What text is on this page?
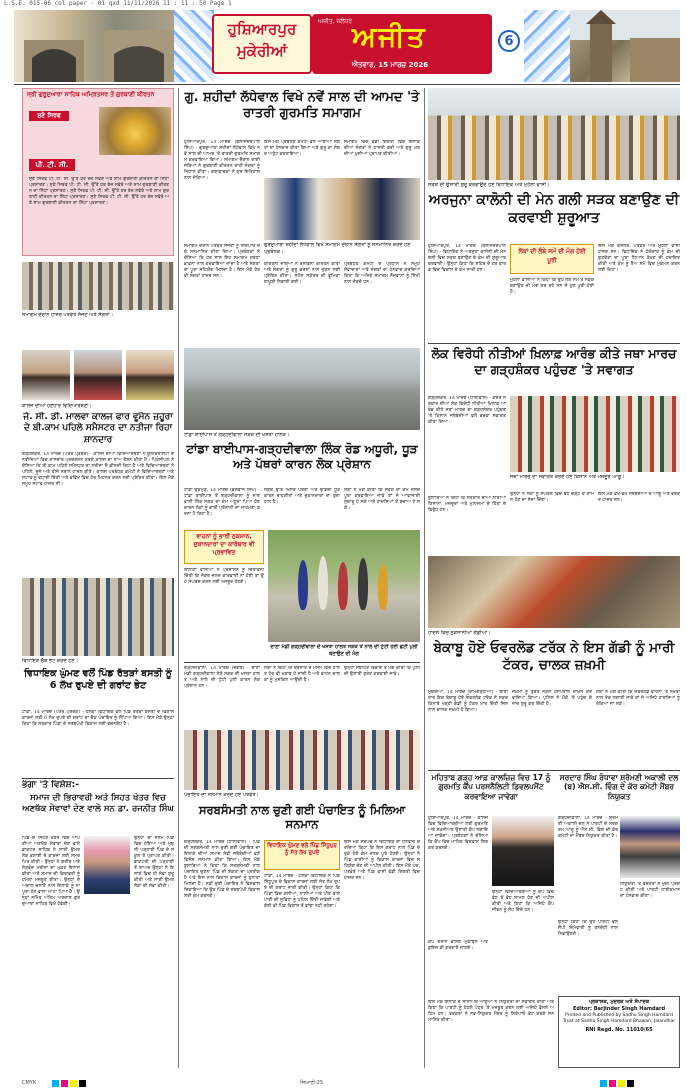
L.S.E. 015-06 col paper - 01 qxd 11/11/2026 11 : 11 : 50 Page 1
ਹੁਸ਼ਿਆਰਪੁਰ
ਮੁਕੇਰੀਆਂ
ਅਜੀਤ, ਜਲੰਧਰ ਅਜੀਤ
ਐਤਵਾਰ, 15 ਮਾਰਚ 2026
6
ਸ੍ਰੀ ਗੁਰੂਦੁਆਰਾ ਸਾਹਿਬ ਅਮ੍ਰਿਤਸਰ ਤੋਂ ਗੁਰਬਾਣੀ ਕੀਰਤਨ
ਸੁਣੋ ਸਿਰਫ
ਪੀ. ਟੀ. ਸੀ.
ਸੁਣੋ ਸਿਰਫ ਪੀ. ਟੀ. ਸੀ. ਉੱਤੇ ਹਰ ਰੋਜ਼ ਸਵੇਰੇ ਅਤੇ ਸ਼ਾਮ ਗੁਰਬਾਣੀ ਕੀਰਤਨ ਦਾ ਸਿੱਧਾ ਪ੍ਰਸਾਰਣ। ਸੁਣੋ ਸਿਰਫ ਪੀ. ਟੀ. ਸੀ. ਉੱਤੇ ਹਰ ਰੋਜ਼ ਸਵੇਰੇ ਅਤੇ ਸ਼ਾਮ ਗੁਰਬਾਣੀ ਕੀਰਤਨ ਦਾ ਸਿੱਧਾ ਪ੍ਰਸਾਰਣ। ਸੁਣੋ ਸਿਰਫ ਪੀ. ਟੀ. ਸੀ. ਉੱਤੇ ਹਰ ਰੋਜ਼ ਸਵੇਰੇ ਅਤੇ ਸ਼ਾਮ ਗੁਰਬਾਣੀ ਕੀਰਤਨ ਦਾ ਸਿੱਧਾ ਪ੍ਰਸਾਰਣ। ਸੁਣੋ ਸਿਰਫ ਪੀ. ਟੀ. ਸੀ. ਉੱਤੇ ਹਰ ਰੋਜ਼ ਸਵੇਰੇ ਅਤੇ ਸ਼ਾਮ ਗੁਰਬਾਣੀ ਕੀਰਤਨ ਦਾ ਸਿੱਧਾ ਪ੍ਰਸਾਰਣ।
ਸਮਾਗਮ ਦੌਰਾਨ ਹਾਜ਼ਰ ਪਤਵੰਤੇ ਸੱਜਣ ਅਤੇ ਸੰਗਤਾਂ।
ਕਾਲਜ ਦੀਆਂ ਹੋਣਹਾਰ ਵਿਦਿਆਰਥਣਾਂ।
ਜੇ. ਸੀ. ਡੀ. ਮਾਲਵਾ ਕਾਲਜ ਫਾਰ ਵੂਮੈਨ ਜ਼ਹੂਰਾ ਦੇ ਬੀ.ਕਾਮ ਪਹਿਲੇ ਸਮੈਸਟਰ ਦਾ ਨਤੀਜਾ ਰਿਹਾ ਸ਼ਾਨਦਾਰ
ਗੜ੍ਹਸ਼ੰਕਰ, 14 ਮਾਰਚ (ਪੱਤਰ ਪ੍ਰੇਰਕ) - ਕਾਲਜ ਦੀਆਂ ਵਿਦਿਆਰਥਣਾਂ ਨੇ ਯੂਨੀਵਰਸਿਟੀ ਦੇ ਨਤੀਜਿਆਂ ਵਿਚ ਸ਼ਾਨਦਾਰ ਪ੍ਰਦਰਸ਼ਨ ਕਰਕੇ ਕਾਲਜ ਦਾ ਨਾਂਅ ਰੌਸ਼ਨ ਕੀਤਾ ਹੈ। ਪ੍ਰਿੰਸੀਪਲ ਨੇ ਦੱਸਿਆ ਕਿ ਬੀ.ਕਾਮ ਪਹਿਲੇ ਸਮੈਸਟਰ ਦਾ ਨਤੀਜਾ ਸੌ ਫ਼ੀਸਦੀ ਰਿਹਾ ਹੈ ਅਤੇ ਵਿਦਿਆਰਥਣਾਂ ਨੇ ਪਹਿਲੇ, ਦੂਜੇ ਅਤੇ ਤੀਜੇ ਸਥਾਨ ਹਾਸਲ ਕੀਤੇ। ਕਾਲਜ ਪ੍ਰਬੰਧਕ ਕਮੇਟੀ ਨੇ ਵਿਦਿਆਰਥਣਾਂ ਅਤੇ ਸਟਾਫ ਨੂੰ ਵਧਾਈ ਦਿੱਤੀ ਅਤੇ ਭਵਿੱਖ ਵਿਚ ਹੋਰ ਮਿਹਨਤ ਕਰਨ ਲਈ ਪ੍ਰੇਰਿਤ ਕੀਤਾ। ਇਸ ਮੌਕੇ ਸਮੂਹ ਸਟਾਫ ਹਾਜ਼ਰ ਸੀ।
ਵਿਧਾਇਕ ਚੈੱਕ ਭੇਟ ਕਰਦੇ ਹੋਏ।
ਵਿਧਾਇਕ ਘੁੰਮਣ ਵਲੋਂ ਪਿੰਡ ਰੱਤੜਾਂ ਬਸਤੀ ਨੂੰ 6 ਲੱਖ ਰੁਪਏ ਦੀ ਗਰਾਂਟ ਭੇਟ
ਟਾਂਡਾ, 14 ਮਾਰਚ (ਪੱਤਰ ਪ੍ਰੇਰਕ) - ਹਲਕਾ ਵਿਧਾਇਕ ਵਲੋਂ ਪਿੰਡ ਰੱਤੜਾਂ ਬਸਤੀ ਦੇ ਵਿਕਾਸ ਕਾਰਜਾਂ ਲਈ 6 ਲੱਖ ਰੁਪਏ ਦੀ ਗਰਾਂਟ ਦਾ ਚੈੱਕ ਪੰਚਾਇਤ ਨੂੰ ਸੌਂਪਿਆ ਗਿਆ। ਇਸ ਮੌਕੇ ਉਨ੍ਹਾਂ ਕਿਹਾ ਕਿ ਸਰਕਾਰ ਪਿੰਡਾਂ ਦੇ ਸਰਬਪੱਖੀ ਵਿਕਾਸ ਲਈ ਵਚਨਬੱਧ ਹੈ।
ਭੰਗਾ 'ਤੇ ਵਿਸ਼ੇਸ਼:-
ਸਮਾਜ ਦੀ ਭਿਰਾਵਰੀ ਅਤੇ ਸਿਹਤ ਖੇਤਰ ਵਿਚ ਅਣਥੱਕ ਸੇਵਾਵਾਂ ਦੇਣ ਵਾਲੇ ਸਨ ਡਾ. ਰਜਨੀਤ ਸਿੰਘ
ਪਿੰਡ ਦੇ ਸਿਹਤ ਖੇਤਰ ਵਿਚ ਆਪਣੀਆਂ ਅਣਥੱਕ ਸੇਵਾਵਾਂ ਦੇਣ ਵਾਲੇ ਡਾਕਟਰ ਸਾਹਿਬ ਨੇ ਸਾਰੀ ਉਮਰ ਲੋਕ ਭਲਾਈ ਦੇ ਕਾਰਜਾਂ ਲਈ ਸਮਰਪਿਤ ਕੀਤੀ। ਉਨ੍ਹਾਂ ਨੇ ਗਰੀਬ ਅਤੇ ਲੋੜਵੰਦ ਮਰੀਜ਼ਾਂ ਦਾ ਮੁਫ਼ਤ ਇਲਾਜ ਕੀਤਾ ਅਤੇ ਸਮਾਜ ਦੀ ਭਿਰਾਵਰੀ ਨੂੰ ਹਮੇਸ਼ਾ ਮਜ਼ਬੂਤ ਕੀਤਾ। ਉਨ੍ਹਾਂ ਦੇ ਅਕਾਲ ਚਲਾਣੇ ਨਾਲ ਇਲਾਕੇ ਨੂੰ ਨਾ ਪੂਰਾ ਹੋਣ ਵਾਲਾ ਘਾਟਾ ਪਿਆ ਹੈ। ਉਨ੍ਹਾਂ ਨਮਿੱਤ ਅੰਤਿਮ ਅਰਦਾਸ ਗੁਰਦੁਆਰਾ ਸਾਹਿਬ ਵਿਖੇ ਹੋਵੇਗੀ।
ਉਨ੍ਹਾਂ ਦਾ ਜਨਮ ਪਿੰਡ ਵਿਚ ਹੋਇਆ ਅਤੇ ਮੁਢਲੀ ਪੜ੍ਹਾਈ ਪਿੰਡ ਦੇ ਸਕੂਲ ਤੋਂ ਪ੍ਰਾਪਤ ਕੀਤੀ। ਡਾਕਟਰੀ ਦੀ ਪੜ੍ਹਾਈ ਤੋਂ ਬਾਅਦ ਉਨ੍ਹਾਂ ਨੇ ਇਲਾਕੇ ਵਿਚ ਹੀ ਸੇਵਾ ਸ਼ੁਰੂ ਕੀਤੀ ਅਤੇ ਸਾਰੀ ਉਮਰ ਲੋਕਾਂ ਦੀ ਸੇਵਾ ਕੀਤੀ।
ਗੁ. ਸ਼ਹੀਦਾਂ ਲੱਧੇਵਾਲ ਵਿਖੇ ਨਵੇਂ ਸਾਲ ਦੀ ਆਮਦ 'ਤੇ ਰਾਤਰੀ ਗੁਰਮਤਿ ਸਮਾਗਮ
ਹੁਸ਼ਿਆਰਪੁਰ, 14 ਮਾਰਚ (ਬਲਜਿੰਦਰਪਾਲ ਸਿੰਘ) - ਗੁਰਦੁਆਰਾ ਸ਼ਹੀਦਾਂ ਲੱਧੇਵਾਲ ਵਿਖੇ ਨਵੇਂ ਸਾਲ ਦੀ ਆਮਦ 'ਤੇ ਰਾਤਰੀ ਗੁਰਮਤਿ ਸਮਾਗਮ ਕਰਵਾਇਆ ਗਿਆ। ਸਮਾਗਮ ਦੌਰਾਨ ਰਾਗੀ ਜਥਿਆਂ ਨੇ ਗੁਰਬਾਣੀ ਕੀਰਤਨ ਰਾਹੀਂ ਸੰਗਤਾਂ ਨੂੰ ਨਿਹਾਲ ਕੀਤਾ। ਕਥਾਵਾਚਕਾਂ ਨੇ ਗੁਰ ਇਤਿਹਾਸ ਨਾਲ ਜੋੜਿਆ।
ਇਸ ਮੌਕੇ ਪ੍ਰਬੰਧਕ ਕਮੇਟੀ ਵਲੋਂ ਆਈਆਂ ਸੰਗਤਾਂ ਦਾ ਧੰਨਵਾਦ ਕੀਤਾ ਗਿਆ ਅਤੇ ਗੁਰੂ ਕਾ ਲੰਗਰ ਅਤੁੱਟ ਵਰਤਾਇਆ।
ਸਮਾਗਮ ਵਿਚ ਵੱਡੀ ਗਿਣਤੀ ਵਿਚ ਇਲਾਕੇ ਦੀਆਂ ਸੰਗਤਾਂ ਨੇ ਹਾਜ਼ਰੀ ਭਰੀ ਅਤੇ ਗੁਰੂ ਘਰ ਦੀਆਂ ਖੁਸ਼ੀਆਂ ਪ੍ਰਾਪਤ ਕੀਤੀਆਂ।
ਗੁਰਦੁਆਰਾ ਸ਼ਹੀਦਾਂ ਲੱਧੇਵਾਲ ਵਿਖੇ ਸਮਾਗਮ ਦੌਰਾਨ ਸੰਗਤਾਂ ਨੂੰ ਸਨਮਾਨਿਤ ਕਰਦੇ ਹੋਏ ਪ੍ਰਬੰਧਕ।
ਸਮਾਗਮ ਦੌਰਾਨ ਪਤਵੰਤੇ ਸੱਜਣਾਂ ਨੂੰ ਸਿਰੋਪਾਓ ਦੇ ਕੇ ਸਨਮਾਨਿਤ ਕੀਤਾ ਗਿਆ। ਪ੍ਰਬੰਧਕਾਂ ਨੇ ਦੱਸਿਆ ਕਿ ਹਰ ਸਾਲ ਇਹ ਸਮਾਗਮ ਸ਼ਰਧਾ ਭਾਵਨਾ ਨਾਲ ਕਰਵਾਇਆ ਜਾਂਦਾ ਹੈ ਅਤੇ ਸੰਗਤਾਂ ਦਾ ਪੂਰਾ ਸਹਿਯੋਗ ਮਿਲਦਾ ਹੈ। ਇਸ ਮੌਕੇ ਹੋਰ ਵੀ ਸੰਗਤਾਂ ਹਾਜ਼ਰ ਸਨ।
ਕੀਰਤਨੀ ਜਥਿਆਂ ਨੇ ਰਸਭਿੰਨਾ ਕੀਰਤਨ ਕੀਤਾ ਅਤੇ ਸੰਗਤਾਂ ਨੂੰ ਗੁਰੂ ਚਰਨਾਂ ਨਾਲ ਜੁੜਨ ਲਈ ਪ੍ਰੇਰਿਤ ਕੀਤਾ। ਸਟੇਜ ਸਕੱਤਰ ਦੀ ਭੂਮਿਕਾ ਬਾਖ਼ੂਬੀ ਨਿਭਾਈ ਗਈ।
ਪ੍ਰਬੰਧਕ ਕਮੇਟੀ ਦੇ ਪ੍ਰਧਾਨ ਨੇ ਸਮੂਹ ਸੇਵਾਦਾਰਾਂ ਅਤੇ ਸੰਗਤਾਂ ਦਾ ਧੰਨਵਾਦ ਕਰਦਿਆਂ ਕਿਹਾ ਕਿ ਅਜਿਹੇ ਸਮਾਗਮ ਨੌਜਵਾਨਾਂ ਨੂੰ ਸਿੱਖੀ ਨਾਲ ਜੋੜਦੇ ਹਨ।
ਟਾਂਡਾ ਬਾਈਪਾਸ ਤੋਂ ਗੜ੍ਹਦੀਵਾਲਾ ਸੜਕ ਦੀ ਖਸਤਾ ਹਾਲਤ।
ਟਾਂਡਾ ਬਾਈਪਾਸ-ਗੜ੍ਹਦੀਵਾਲਾ ਲਿੰਕ ਰੋਡ ਅਧੂਰੀ, ਧੂੜ ਅਤੇ ਪੱਥਰਾਂ ਕਾਰਨ ਲੋਕ ਪ੍ਰੇਸ਼ਾਨ
ਟਾਂਡਾ ਉੜਮੁੜ, 14 ਮਾਰਚ (ਭਗਵਾਨ ਸਿੰਘ) - ਟਾਂਡਾ ਬਾਈਪਾਸ ਤੋਂ ਗੜ੍ਹਦੀਵਾਲਾ ਨੂੰ ਜਾਣ ਵਾਲੀ ਲਿੰਕ ਸੜਕ ਦਾ ਕੰਮ ਅਧੂਰਾ ਪਿਆ ਹੋਣ ਕਾਰਨ ਲੋਕਾਂ ਨੂੰ ਭਾਰੀ ਪ੍ਰੇਸ਼ਾਨੀ ਦਾ ਸਾਹਮਣਾ ਕਰਨਾ ਪੈ ਰਿਹਾ ਹੈ।
ਸੜਕ ਉੱਤੇ ਖਿੱਲਰੇ ਪੱਥਰਾਂ ਅਤੇ ਉੱਡਦੀ ਧੂੜ ਕਾਰਨ ਰਾਹਗੀਰਾਂ ਅਤੇ ਦੁਕਾਨਦਾਰਾਂ ਦਾ ਬੁਰਾ ਹਾਲ ਹੈ।
ਲੋਕਾਂ ਨੇ ਮੰਗ ਕੀਤੀ ਕਿ ਸੜਕ ਦਾ ਕੰਮ ਜਲਦ ਪੂਰਾ ਕਰਵਾਇਆ ਜਾਵੇ ਤਾਂ ਜੋ ਆਵਾਜਾਈ ਸੁਚਾਰੂ ਹੋ ਸਕੇ ਅਤੇ ਹਾਦਸਿਆਂ ਤੋਂ ਬਚਾਅ ਹੋ ਸਕੇ।
ਵਾਹਨਾਂ ਨੂੰ ਭਾਰੀ ਨੁਕਸਾਨ, ਦੁਕਾਨਦਾਰਾਂ ਦਾ ਕਾਰੋਬਾਰ ਵੀ ਪ੍ਰਭਾਵਿਤ
ਇਲਾਕਾ ਵਾਸੀਆਂ ਨੇ ਪ੍ਰਸ਼ਾਸਨ ਨੂੰ ਚਿਤਾਵਨੀ ਦਿੱਤੀ ਕਿ ਜੇਕਰ ਜਲਦ ਕਾਰਵਾਈ ਨਾ ਹੋਈ ਤਾਂ ਉਹ ਸੰਘਰਸ਼ ਕਰਨ ਲਈ ਮਜਬੂਰ ਹੋਣਗੇ।
ਦਾਣਾ ਮੰਡੀ ਗੜ੍ਹਦੀਵਾਲਾ ਦੇ ਖਸਤਾ ਹਾਲਤ ਸੜਕ ਤੋਂ ਨਾਲੇ ਦੀ ਟੁੱਟੀ ਹੋਈ ਛੋਟੀ ਪੁਲੀ ਬਣਾਉਣ ਦੀ ਮੰਗ
ਗੜ੍ਹਦੀਵਾਲਾ, 14 ਮਾਰਚ (ਚੱਗਰ) - ਦਾਣਾ ਮੰਡੀ ਗੜ੍ਹਦੀਵਾਲਾ ਨੇੜੇ ਸੜਕ ਦੀ ਖਸਤਾ ਹਾਲਤ ਅਤੇ ਨਾਲੇ ਦੀ ਟੁੱਟੀ ਪੁਲੀ ਕਾਰਨ ਲੋਕ ਪ੍ਰੇਸ਼ਾਨ ਹਨ।
ਲੋਕਾਂ ਨੇ ਕਿਹਾ ਕਿ ਬਰਸਾਤ ਦੇ ਮੌਸਮ ਵਿਚ ਹਾਲਤ ਹੋਰ ਵੀ ਖ਼ਰਾਬ ਹੋ ਜਾਂਦੀ ਹੈ ਅਤੇ ਵਾਹਨ ਚਾਲਕਾਂ ਨੂੰ ਮੁਸ਼ਕਿਲ ਆਉਂਦੀ ਹੈ।
ਉਨ੍ਹਾਂ ਸਬੰਧਿਤ ਵਿਭਾਗ ਤੋਂ ਮੰਗ ਕੀਤੀ ਕਿ ਪੁਲੀ ਦੀ ਉਸਾਰੀ ਤੁਰੰਤ ਕਰਵਾਈ ਜਾਵੇ।
ਪੰਚਾਇਤ ਦਾ ਸਨਮਾਨ ਕਰਦੇ ਹੋਏ ਪਤਵੰਤੇ।
ਸਰਬਸੰਮਤੀ ਨਾਲ ਚੁਣੀ ਗਈ ਪੰਚਾਇਤ ਨੂੰ ਮਿਲਿਆ ਸਨਮਾਨ
ਗੜ੍ਹਸ਼ੰਕਰ, 14 ਮਾਰਚ (ਧਾਲੀਵਾਲ) - ਪਿੰਡ ਦੀ ਸਰਬਸੰਮਤੀ ਨਾਲ ਚੁਣੀ ਗਈ ਪੰਚਾਇਤ ਦਾ ਇਲਾਕੇ ਦੀਆਂ ਸਮਾਜ ਸੇਵੀ ਜਥੇਬੰਦੀਆਂ ਵਲੋਂ ਵਿਸ਼ੇਸ਼ ਸਨਮਾਨ ਕੀਤਾ ਗਿਆ। ਇਸ ਮੌਕੇ ਬੁਲਾਰਿਆਂ ਨੇ ਕਿਹਾ ਕਿ ਸਰਬਸੰਮਤੀ ਨਾਲ ਪੰਚਾਇਤ ਚੁਣਨਾ ਪਿੰਡ ਦੀ ਏਕਤਾ ਦਾ ਪ੍ਰਤੀਕ ਹੈ ਅਤੇ ਇਸ ਨਾਲ ਵਿਕਾਸ ਕਾਰਜਾਂ ਨੂੰ ਹੁਲਾਰਾ ਮਿਲਦਾ ਹੈ। ਨਵੀਂ ਚੁਣੀ ਪੰਚਾਇਤ ਨੇ ਵਿਸ਼ਵਾਸ ਦਿਵਾਇਆ ਕਿ ਉਹ ਪਿੰਡ ਦੇ ਸਰਬਪੱਖੀ ਵਿਕਾਸ ਲਈ ਕੰਮ ਕਰਨਗੇ।
ਵਿਧਾਇਕ ਘੁੰਮਣ ਵਲੋਂ ਪਿੰਡ ਸਿੰਧੂਪੁਰ ਨੂੰ ਸੱਤ ਲੱਖ ਰੁਪਏ
ਟਾਂਡਾ, 14 ਮਾਰਚ - ਹਲਕਾ ਵਿਧਾਇਕ ਨੇ ਪਿੰਡ ਸਿੰਧੂਪੁਰ ਦੇ ਵਿਕਾਸ ਕਾਰਜਾਂ ਲਈ ਸੱਤ ਲੱਖ ਰੁਪਏ ਦੀ ਗਰਾਂਟ ਜਾਰੀ ਕੀਤੀ। ਉਨ੍ਹਾਂ ਕਿਹਾ ਕਿ ਪਿੰਡਾਂ ਵਿਚ ਗਲੀਆਂ, ਨਾਲੀਆਂ ਅਤੇ ਪੀਣ ਵਾਲੇ ਪਾਣੀ ਦੀ ਸੁਵਿਧਾ ਨੂੰ ਪਹਿਲ ਦਿੱਤੀ ਜਾਵੇਗੀ ਅਤੇ ਕੋਈ ਵੀ ਪਿੰਡ ਵਿਕਾਸ ਤੋਂ ਵਾਂਝਾ ਨਹੀਂ ਰਹੇਗਾ।
ਇਸ ਮੌਕੇ ਸਰਪੰਚ ਨੇ ਵਿਧਾਇਕ ਦਾ ਧੰਨਵਾਦ ਕਰਦਿਆਂ ਕਿਹਾ ਕਿ ਇਸ ਗਰਾਂਟ ਨਾਲ ਪਿੰਡ ਦੇ ਰੁਕੇ ਹੋਏ ਕੰਮ ਜਲਦ ਪੂਰੇ ਹੋਣਗੇ। ਉਨ੍ਹਾਂ ਨੇ ਪਿੰਡ ਵਾਸੀਆਂ ਨੂੰ ਵਿਕਾਸ ਕਾਰਜਾਂ ਵਿਚ ਸਹਿਯੋਗ ਦੇਣ ਦੀ ਅਪੀਲ ਕੀਤੀ। ਇਸ ਮੌਕੇ ਪੰਚ, ਪਤਵੰਤੇ ਅਤੇ ਪਿੰਡ ਵਾਸੀ ਵੱਡੀ ਗਿਣਤੀ ਵਿਚ ਹਾਜ਼ਰ ਸਨ।
ਸੜਕ ਦੀ ਉਸਾਰੀ ਸ਼ੁਰੂ ਕਰਵਾਉਂਦੇ ਹੋਏ ਵਿਧਾਇਕ ਅਤੇ ਮੁਹੱਲਾ ਵਾਸੀ।
ਅਰਜੁਨਾ ਕਾਲੋਨੀ ਦੀ ਮੇਨ ਗਲੀ ਸੜਕ ਬਣਾਉਣ ਦੀ ਕਰਵਾਈ ਸ਼ੁਰੂਆਤ
ਹੁਸ਼ਿਆਰਪੁਰ, 14 ਮਾਰਚ (ਬਲਜਿੰਦਰਪਾਲ ਸਿੰਘ) - ਵਿਧਾਇਕ ਨੇ ਅਰਜੁਨਾ ਕਾਲੋਨੀ ਦੀ ਮੇਨ ਗਲੀ ਵਿਚ ਸੜਕ ਬਣਾਉਣ ਦੇ ਕੰਮ ਦੀ ਸ਼ੁਰੂਆਤ ਕਰਵਾਈ। ਉਨ੍ਹਾਂ ਕਿਹਾ ਕਿ ਸ਼ਹਿਰ ਦੇ ਹਰ ਵਾਰਡ ਵਿਚ ਵਿਕਾਸ ਦੇ ਕੰਮ ਜਾਰੀ ਹਨ।
ਲੋਕਾਂ ਦੀ ਲੰਬੇ ਸਮੇਂ ਦੀ ਮੰਗ ਹੋਈ ਪੂਰੀ
ਮੁਹੱਲਾ ਵਾਸੀਆਂ ਨੇ ਕਿਹਾ ਕਿ ਉਹ ਲੰਬੇ ਸਮੇਂ ਤੋਂ ਸੜਕ ਬਣਾਉਣ ਦੀ ਮੰਗ ਕਰ ਰਹੇ ਸਨ ਜੋ ਹੁਣ ਪੂਰੀ ਹੋਈ ਹੈ।
ਇਸ ਮੌਕੇ ਕੌਂਸਲਰ, ਪਤਵੰਤੇ ਅਤੇ ਮੁਹੱਲਾ ਵਾਸੀ ਹਾਜ਼ਰ ਸਨ। ਵਿਧਾਇਕ ਨੇ ਠੇਕੇਦਾਰ ਨੂੰ ਕੰਮ ਦੀ ਗੁਣਵੱਤਾ ਦਾ ਪੂਰਾ ਧਿਆਨ ਰੱਖਣ ਦੀ ਹਦਾਇਤ ਕੀਤੀ ਅਤੇ ਕੰਮ ਨੂੰ ਤੈਅ ਸਮੇਂ ਵਿਚ ਮੁਕੰਮਲ ਕਰਨ ਲਈ ਕਿਹਾ।
ਲੋਕ ਵਿਰੋਧੀ ਨੀਤੀਆਂ ਖ਼ਿਲਾਫ਼ ਆਰੰਭ ਕੀਤੇ ਜਥਾ ਮਾਰਚ ਦਾ ਗੜ੍ਹਸ਼ੰਕਰ ਪਹੁੰਚਣ 'ਤੇ ਸਵਾਗਤ
ਗੜ੍ਹਸ਼ੰਕਰ, 14 ਮਾਰਚ (ਧਾਲੀਵਾਲ) - ਕੇਂਦਰ ਸਰਕਾਰ ਦੀਆਂ ਲੋਕ ਵਿਰੋਧੀ ਨੀਤੀਆਂ ਖ਼ਿਲਾਫ਼ ਆਰੰਭ ਕੀਤੇ ਜਥਾ ਮਾਰਚ ਦਾ ਗੜ੍ਹਸ਼ੰਕਰ ਪਹੁੰਚਣ 'ਤੇ ਕਿਸਾਨ ਜਥੇਬੰਦੀਆਂ ਵਲੋਂ ਭਰਵਾਂ ਸਵਾਗਤ ਕੀਤਾ ਗਿਆ।
ਜਥਾ ਮਾਰਚ ਦਾ ਸਵਾਗਤ ਕਰਦੇ ਹੋਏ ਕਿਸਾਨ ਅਤੇ ਮਜ਼ਦੂਰ ਆਗੂ।
ਬੁਲਾਰਿਆਂ ਨੇ ਕਿਹਾ ਕਿ ਸਰਕਾਰ ਦੀਆਂ ਨੀਤੀਆਂ ਕਿਸਾਨਾਂ, ਮਜ਼ਦੂਰਾਂ ਅਤੇ ਮੁਲਾਜ਼ਮਾਂ ਦੇ ਹਿੱਤਾਂ ਦੇ ਵਿਰੁੱਧ ਹਨ।
ਉਨ੍ਹਾਂ ਨੇ ਲੋਕਾਂ ਨੂੰ ਸੰਘਰਸ਼ ਵਿਚ ਵੱਧ ਚੜ੍ਹ ਕੇ ਸ਼ਾਮਲ ਹੋਣ ਦਾ ਸੱਦਾ ਦਿੱਤਾ।
ਇਸ ਮੌਕੇ ਵੱਖ-ਵੱਖ ਜਥੇਬੰਦੀਆਂ ਦੇ ਆਗੂ ਅਤੇ ਵਰਕਰ ਹਾਜ਼ਰ ਸਨ।
ਹਾਦਸੇ ਵਿਚ ਨੁਕਸਾਨੀਆਂ ਗੱਡੀਆਂ।
ਬੇਕਾਬੂ ਹੋਏ ਓਵਰਲੋਡ ਟਰੱਕ ਨੇ ਇਸ ਗੱਡੀ ਨੂੰ ਮਾਰੀ ਟੱਕਰ, ਚਾਲਕ ਜ਼ਖ਼ਮੀ
ਮੁਕੇਰੀਆਂ, 14 ਮਾਰਚ (ਰਾਮਗੜ੍ਹੀਆ) - ਬੀਤੀ ਰਾਤ ਇਕ ਬੇਕਾਬੂ ਹੋਏ ਓਵਰਲੋਡ ਟਰੱਕ ਨੇ ਸੜਕ ਕਿਨਾਰੇ ਖੜ੍ਹੀ ਗੱਡੀ ਨੂੰ ਟੱਕਰ ਮਾਰ ਦਿੱਤੀ ਜਿਸ ਨਾਲ ਚਾਲਕ ਜ਼ਖ਼ਮੀ ਹੋ ਗਿਆ।
ਜ਼ਖ਼ਮੀ ਨੂੰ ਤੁਰੰਤ ਨੇੜਲੇ ਹਸਪਤਾਲ ਦਾਖ਼ਲ ਕਰਵਾਇਆ ਗਿਆ। ਪੁਲਿਸ ਨੇ ਮੌਕੇ 'ਤੇ ਪਹੁੰਚ ਕੇ ਜਾਂਚ ਸ਼ੁਰੂ ਕਰ ਦਿੱਤੀ ਹੈ।
ਲੋਕਾਂ ਨੇ ਮੰਗ ਕੀਤੀ ਕਿ ਓਵਰਲੋਡ ਵਾਹਨਾਂ 'ਤੇ ਸਖ਼ਤੀ ਨਾਲ ਰੋਕ ਲਗਾਈ ਜਾਵੇ ਤਾਂ ਜੋ ਅਜਿਹੇ ਹਾਦਸਿਆਂ ਨੂੰ ਰੋਕਿਆ ਜਾ ਸਕੇ।
ਮਹਿਤਾਬ ਗੜ੍ਹ ਆਫ਼ ਕਾਲਜ਼ਿਜ਼ ਵਿਚ 17 ਨੂੰ ਗੁਰਮਤਿ ਕੈਂਪ ਪਰਸਨੈਲਿਟੀ ਡਿਵਲਪਮੈਂਟ ਕਰਵਾਇਆ ਜਾਵੇਗਾ
ਸਰਦਾਰ ਸਿੰਘ ਰੰਧਾਵਾ ਸ਼੍ਰੋਮਣੀ ਅਕਾਲੀ ਦਲ (ਬ) ਐਸ.ਸੀ. ਵਿੰਗ ਦੇ ਕੋਰ ਕਮੇਟੀ ਮੈਂਬਰ ਨਿਯੁਕਤ
ਹੁਸ਼ਿਆਰਪੁਰ, 14 ਮਾਰਚ - ਕਾਲਜ ਵਿਚ ਵਿਦਿਆਰਥੀਆਂ ਲਈ ਗੁਰਮਤਿ ਅਤੇ ਸ਼ਖ਼ਸੀਅਤ ਉਸਾਰੀ ਕੈਂਪ ਲਗਾਇਆ ਜਾਵੇਗਾ। ਪ੍ਰਬੰਧਕਾਂ ਨੇ ਦੱਸਿਆ ਕਿ ਕੈਂਪ ਵਿਚ ਮਾਹਿਰ ਵਿਦਵਾਨ ਸ਼ਿਰਕਤ ਕਰਨਗੇ।
ਉਨ੍ਹਾਂ ਵਿਦਿਆਰਥੀਆਂ ਨੂੰ ਕੈਂਪ ਵਿਚ ਵੱਧ ਤੋਂ ਵੱਧ ਸ਼ਾਮਲ ਹੋਣ ਦੀ ਅਪੀਲ ਕੀਤੀ ਅਤੇ ਕਿਹਾ ਕਿ ਅਜਿਹੇ ਕੈਂਪ ਜੀਵਨ ਨੂੰ ਸੇਧ ਦਿੰਦੇ ਹਨ।
ਕੈਂਪ ਦੌਰਾਨ ਭਾਸ਼ਣ ਮੁਕਾਬਲੇ ਅਤੇ ਕੁਇਜ਼ ਵੀ ਕਰਵਾਏ ਜਾਣਗੇ।
ਗੜ੍ਹਦੀਵਾਲਾ, 14 ਮਾਰਚ - ਸ਼੍ਰੋਮਣੀ ਅਕਾਲੀ ਦਲ ਨੇ ਪਾਰਟੀ ਦੇ ਸਰਗਰਮ ਆਗੂ ਨੂੰ ਐਸ.ਸੀ. ਵਿੰਗ ਦੀ ਕੋਰ ਕਮੇਟੀ ਦਾ ਮੈਂਬਰ ਨਿਯੁਕਤ ਕੀਤਾ ਹੈ।
ਨਿਯੁਕਤੀ 'ਤੇ ਵਰਕਰਾਂ ਨੇ ਖੁਸ਼ੀ ਪ੍ਰਗਟ ਕੀਤੀ ਅਤੇ ਪਾਰਟੀ ਹਾਈਕਮਾਨ ਦਾ ਧੰਨਵਾਦ ਕੀਤਾ।
ਉਨ੍ਹਾਂ ਕਿਹਾ ਕਿ ਉਹ ਪਾਰਟੀ ਵਲੋਂ ਸੌਂਪੀ ਜ਼ਿੰਮੇਵਾਰੀ ਨੂੰ ਤਨਦੇਹੀ ਨਾਲ ਨਿਭਾਉਣਗੇ।
ਪ੍ਰਕਾਸ਼ਕ, ਮੁਦਰਕ ਅਤੇ ਸੰਪਾਦਕ
Editor: Barjinder Singh Hamdard
Printed and Published by Sadhu Singh Hamdard Trust at Sadhu Singh Hamdard Bhawan, Jalandhar
RNI Regd. No. 11010/65
ਇਸ ਮੌਕੇ ਇਲਾਕੇ ਦੇ ਸੀਨੀਅਰ ਆਗੂਆਂ ਨੇ ਨਿਯੁਕਤੀ ਦਾ ਸਵਾਗਤ ਕੀਤਾ ਅਤੇ ਕਿਹਾ ਕਿ ਪਾਰਟੀ ਨੂੰ ਹੇਠਲੇ ਪੱਧਰ 'ਤੇ ਮਜ਼ਬੂਤ ਕਰਨ ਲਈ ਅਜਿਹੇ ਫ਼ੈਸਲੇ ਅਹਿਮ ਹਨ। ਵਰਕਰਾਂ ਨੇ ਨਵ-ਨਿਯੁਕਤ ਮੈਂਬਰ ਨੂੰ ਸਿਰੋਪਾਓ ਭੇਟ ਕਰਕੇ ਸਨਮਾਨਿਤ ਕੀਤਾ।
CMYK	ਸਿਆਹੀ-25
